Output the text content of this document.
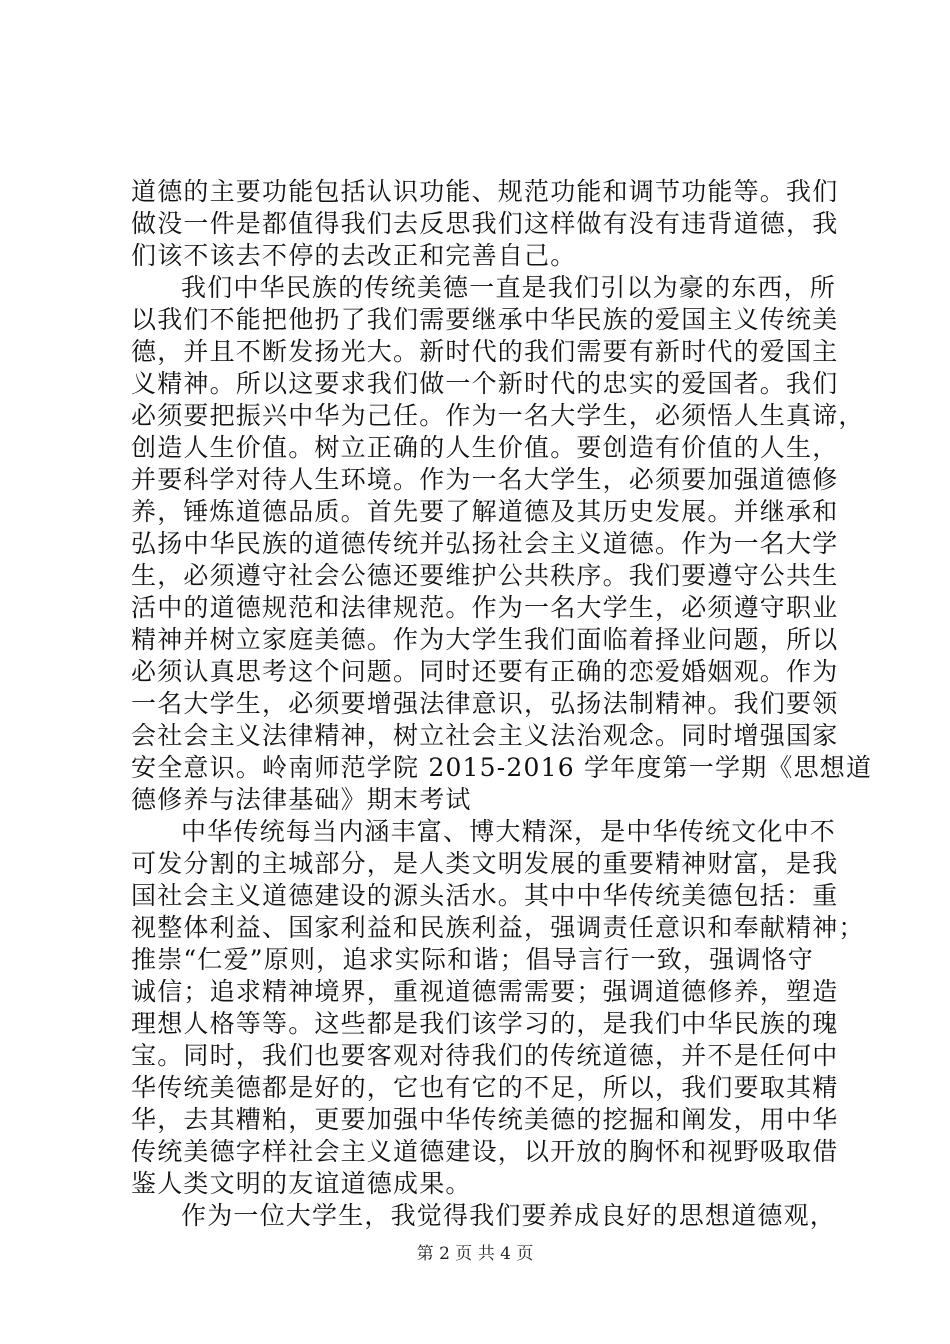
道德的主要功能包括认识功能、规范功能和调节功能等。我们
做没一件是都值得我们去反思我们这样做有没有违背道德，我
们该不该去不停的去改正和完善自己。
我们中华民族的传统美德一直是我们引以为豪的东西，所
以我们不能把他扔了我们需要继承中华民族的爱国主义传统美
德，并且不断发扬光大。新时代的我们需要有新时代的爱国主
义精神。所以这要求我们做一个新时代的忠实的爱国者。我们
必须要把振兴中华为己任。作为一名大学生，必须悟人生真谛，
创造人生价值。树立正确的人生价值。要创造有价值的人生，
并要科学对待人生环境。作为一名大学生，必须要加强道德修
养，锤炼道德品质。首先要了解道德及其历史发展。并继承和
弘扬中华民族的道德传统并弘扬社会主义道德。作为一名大学
生，必须遵守社会公德还要维护公共秩序。我们要遵守公共生
活中的道德规范和法律规范。作为一名大学生，必须遵守职业
精神并树立家庭美德。作为大学生我们面临着择业问题，所以
必须认真思考这个问题。同时还要有正确的恋爱婚姻观。作为
一名大学生，必须要增强法律意识，弘扬法制精神。我们要领
会社会主义法律精神，树立社会主义法治观念。同时增强国家
安全意识。岭南师范学院 2015-2016 学年度第一学期《思想道
德修养与法律基础》期末考试
中华传统每当内涵丰富、博大精深，是中华传统文化中不
可发分割的主城部分，是人类文明发展的重要精神财富，是我
国社会主义道德建设的源头活水。其中中华传统美德包括：重
视整体利益、国家利益和民族利益，强调责任意识和奉献精神；
推崇“仁爱”原则，追求实际和谐；倡导言行一致，强调恪守
诚信；追求精神境界，重视道德需需要；强调道德修养，塑造
理想人格等等。这些都是我们该学习的，是我们中华民族的瑰
宝。同时，我们也要客观对待我们的传统道德，并不是任何中
华传统美德都是好的，它也有它的不足，所以，我们要取其精
华，去其糟粕，更要加强中华传统美德的挖掘和阐发，用中华
传统美德字样社会主义道德建设，以开放的胸怀和视野吸取借
鉴人类文明的友谊道德成果。
作为一位大学生，我觉得我们要养成良好的思想道德观，
第 2 页 共 4 页
